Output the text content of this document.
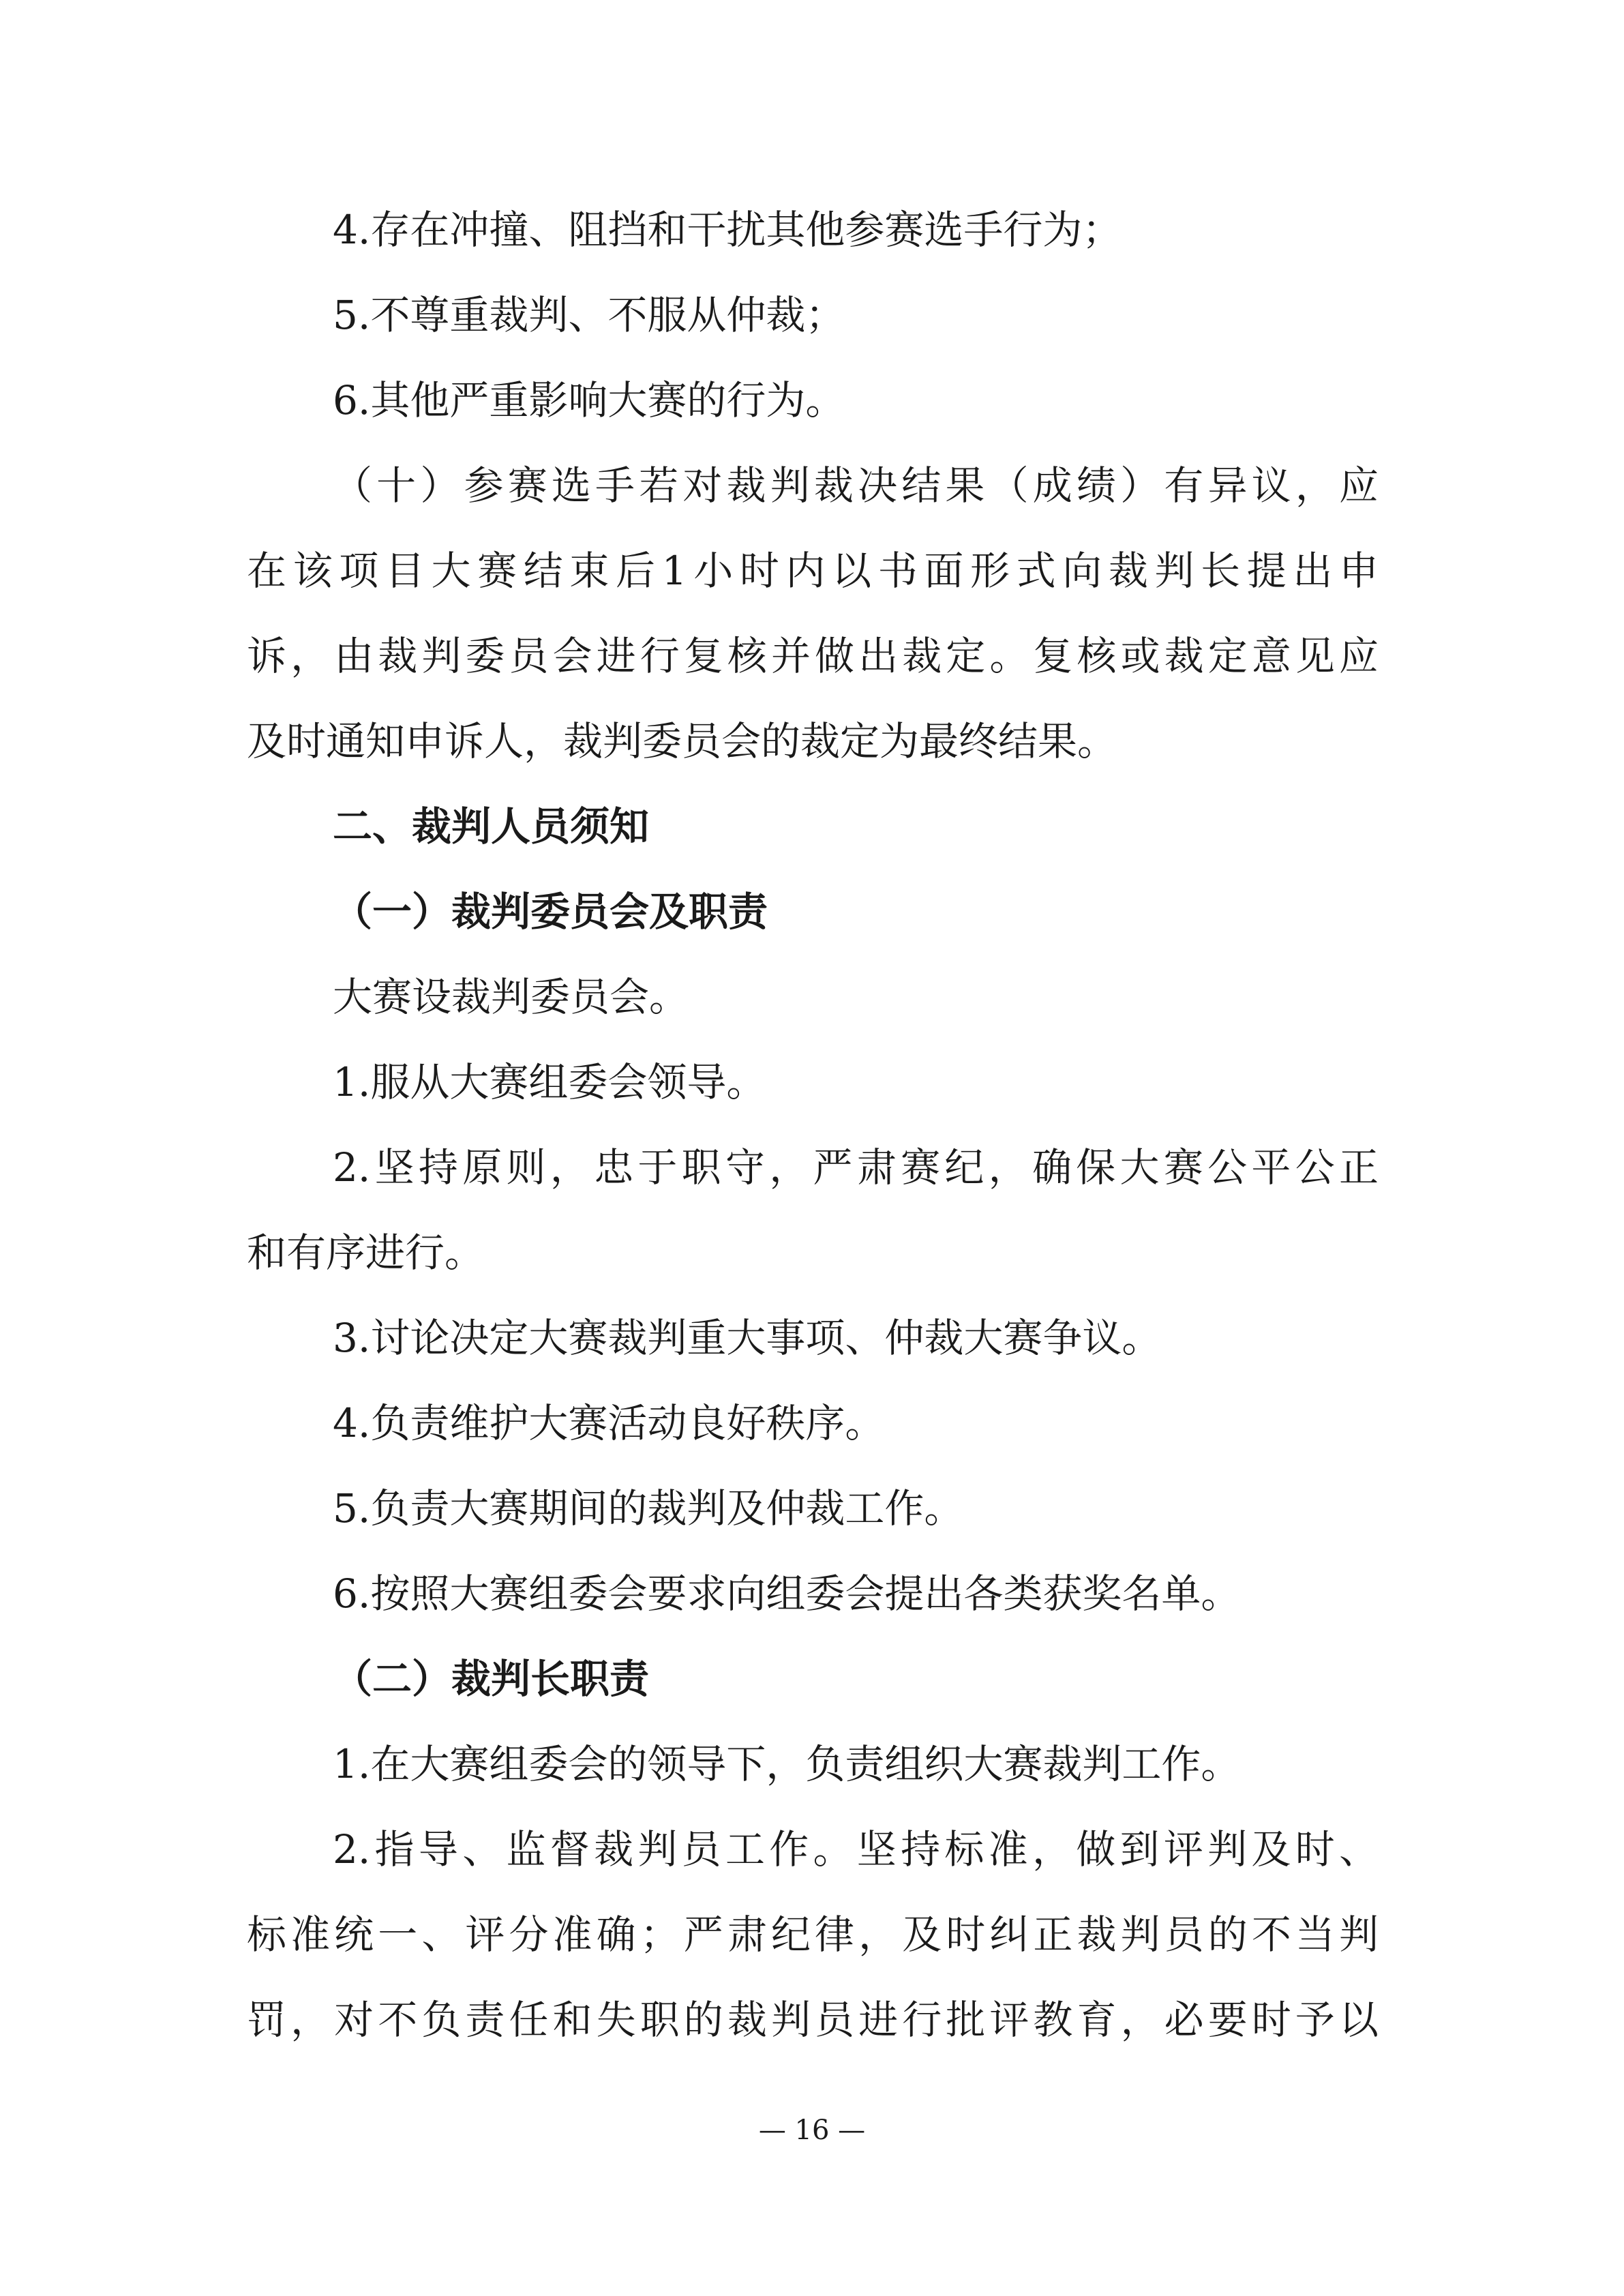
4.存在冲撞、阻挡和干扰其他参赛选手行为；
5.不尊重裁判、不服从仲裁；
6.其他严重影响大赛的行为。
（十）参赛选手若对裁判裁决结果（成绩）有异议，应
在该项目大赛结束后1小时内以书面形式向裁判长提出申
诉，由裁判委员会进行复核并做出裁定。复核或裁定意见应
及时通知申诉人，裁判委员会的裁定为最终结果。
二、裁判人员须知
（一）裁判委员会及职责
大赛设裁判委员会。
1.服从大赛组委会领导。
2.坚持原则，忠于职守，严肃赛纪，确保大赛公平公正
和有序进行。
3.讨论决定大赛裁判重大事项、仲裁大赛争议。
4.负责维护大赛活动良好秩序。
5.负责大赛期间的裁判及仲裁工作。
6.按照大赛组委会要求向组委会提出各类获奖名单。
（二）裁判长职责
1.在大赛组委会的领导下，负责组织大赛裁判工作。
2.指导、监督裁判员工作。坚持标准，做到评判及时、
标准统一、评分准确；严肃纪律，及时纠正裁判员的不当判
罚，对不负责任和失职的裁判员进行批评教育，必要时予以
— 16 —
